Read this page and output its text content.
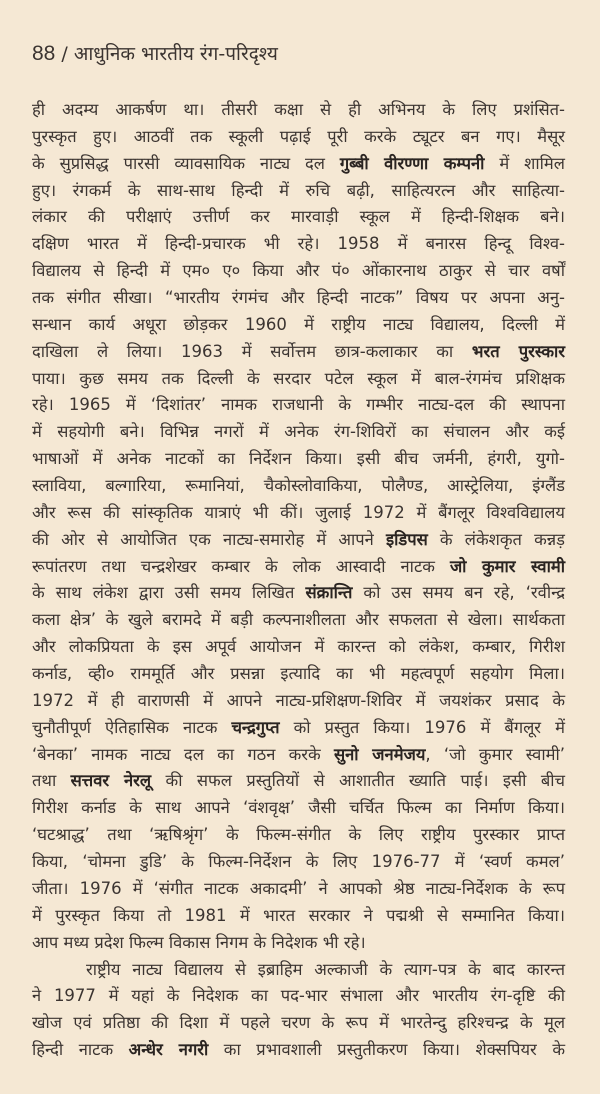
88 / आधुनिक भारतीय रंग-परिदृश्य
ही अदम्य आकर्षण था। तीसरी कक्षा से ही अभिनय के लिए प्रशंसित-
पुरस्कृत हुए। आठवीं तक स्कूली पढ़ाई पूरी करके ट्यूटर बन गए। मैसूर
के सुप्रसिद्ध पारसी व्यावसायिक नाट्य दल गुब्बी वीरण्णा कम्पनी में शामिल
हुए। रंगकर्म के साथ-साथ हिन्दी में रुचि बढ़ी, साहित्यरत्न और साहित्या-
लंकार की परीक्षाएं उत्तीर्ण कर मारवाड़ी स्कूल में हिन्दी-शिक्षक बने।
दक्षिण भारत में हिन्दी-प्रचारक भी रहे। 1958 में बनारस हिन्दू विश्व-
विद्यालय से हिन्दी में एम० ए० किया और पं० ओंकारनाथ ठाकुर से चार वर्षों
तक संगीत सीखा। “भारतीय रंगमंच और हिन्दी नाटक” विषय पर अपना अनु-
सन्धान कार्य अधूरा छोड़कर 1960 में राष्ट्रीय नाट्य विद्यालय, दिल्ली में
दाखिला ले लिया। 1963 में सर्वोत्तम छात्र-कलाकार का भरत पुरस्कार
पाया। कुछ समय तक दिल्ली के सरदार पटेल स्कूल में बाल-रंगमंच प्रशिक्षक
रहे। 1965 में ‘दिशांतर’ नामक राजधानी के गम्भीर नाट्य-दल की स्थापना
में सहयोगी बने। विभिन्न नगरों में अनेक रंग-शिविरों का संचालन और कई
भाषाओं में अनेक नाटकों का निर्देशन किया। इसी बीच जर्मनी, हंगरी, युगो-
स्लाविया, बल्गारिया, रूमानियां, चैकोस्लोवाकिया, पोलैण्ड, आस्ट्रेलिया, इंग्लैंड
और रूस की सांस्कृतिक यात्राएं भी कीं। जुलाई 1972 में बैंगलूर विश्वविद्यालय
की ओर से आयोजित एक नाट्य-समारोह में आपने इडिपस के लंकेशकृत कन्नड़
रूपांतरण तथा चन्द्रशेखर कम्बार के लोक आस्वादी नाटक जो कुमार स्वामी
के साथ लंकेश द्वारा उसी समय लिखित संक्रान्ति को उस समय बन रहे, ‘रवीन्द्र
कला क्षेत्र’ के खुले बरामदे में बड़ी कल्पनाशीलता और सफलता से खेला। सार्थकता
और लोकप्रियता के इस अपूर्व आयोजन में कारन्त को लंकेश, कम्बार, गिरीश
कर्नाड, व्ही० राममूर्ति और प्रसन्ना इत्यादि का भी महत्वपूर्ण सहयोग मिला।
1972 में ही वाराणसी में आपने नाट्य-प्रशिक्षण-शिविर में जयशंकर प्रसाद के
चुनौतीपूर्ण ऐतिहासिक नाटक चन्द्रगुप्त को प्रस्तुत किया। 1976 में बैंगलूर में
‘बेनका’ नामक नाट्य दल का गठन करके सुनो जनमेजय, ‘जो कुमार स्वामी’
तथा सत्तवर नेरलू की सफल प्रस्तुतियों से आशातीत ख्याति पाई। इसी बीच
गिरीश कर्नाड के साथ आपने ‘वंशवृक्ष’ जैसी चर्चित फिल्म का निर्माण किया।
‘घटश्राद्ध’ तथा ‘ऋषिश्रृंग’ के फिल्म-संगीत के लिए राष्ट्रीय पुरस्कार प्राप्त
किया, ‘चोमना डुडि’ के फिल्म-निर्देशन के लिए 1976-77 में ‘स्वर्ण कमल’
जीता। 1976 में ‘संगीत नाटक अकादमी’ ने आपको श्रेष्ठ नाट्य-निर्देशक के रूप
में पुरस्कृत किया तो 1981 में भारत सरकार ने पद्मश्री से सम्मानित किया।
आप मध्य प्रदेश फिल्म विकास निगम के निदेशक भी रहे।
राष्ट्रीय नाट्य विद्यालय से इब्राहिम अल्काजी के त्याग-पत्र के बाद कारन्त
ने 1977 में यहां के निदेशक का पद-भार संभाला और भारतीय रंग-दृष्टि की
खोज एवं प्रतिष्ठा की दिशा में पहले चरण के रूप में भारतेन्दु हरिश्चन्द्र के मूल
हिन्दी नाटक अन्धेर नगरी का प्रभावशाली प्रस्तुतीकरण किया। शेक्सपियर के
